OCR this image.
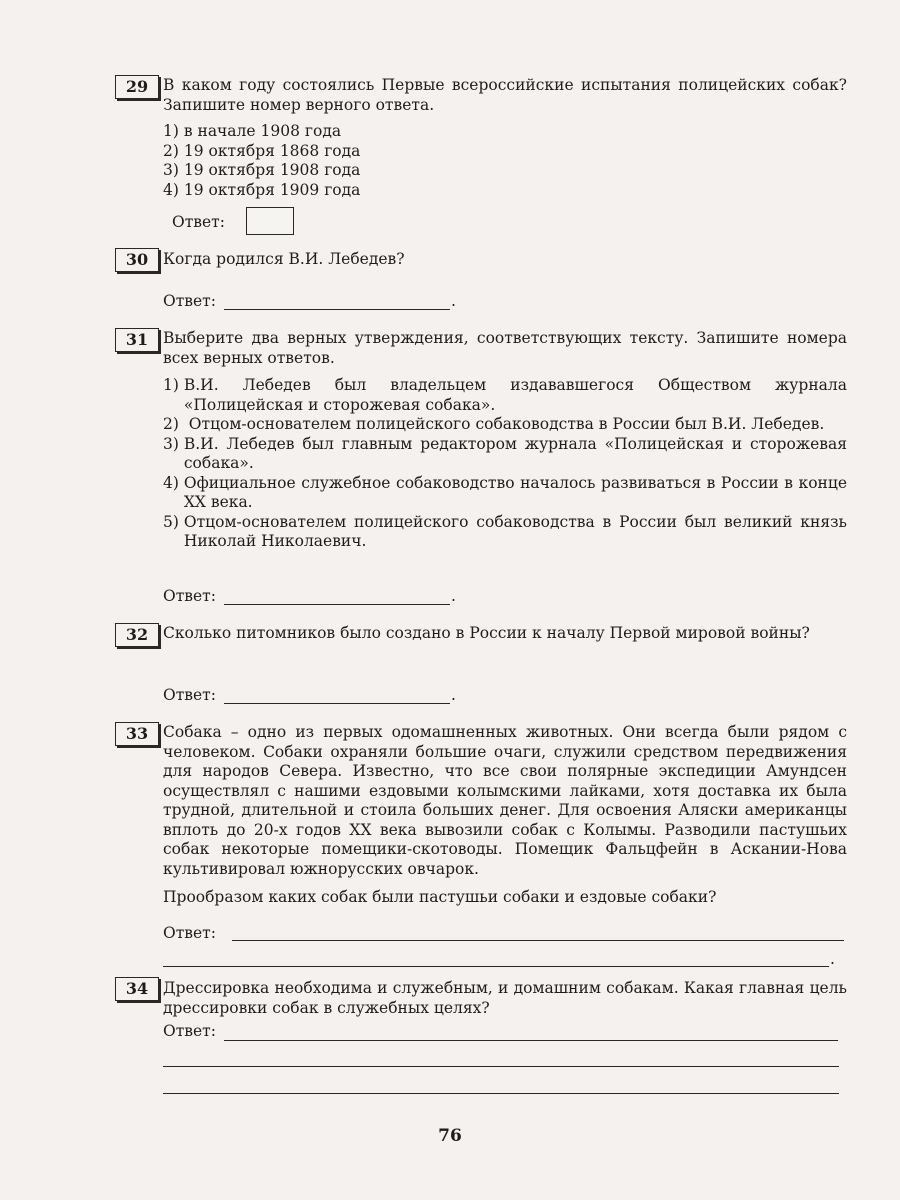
29 В каком году состоялись Первые всероссийские испытания полицейских собак? Запишите номер верного ответа.
1) в начале 1908 года
2) 19 октября 1868 года
3) 19 октября 1908 года
4) 19 октября 1909 года
Ответ:
30 Когда родился В.И. Лебедев?
Ответ:	.
31 Выберите два верных утверждения, соответствующих тексту. Запишите номера всех верных ответов.
1)
В.И. Лебедев был владельцем издававшегося Обществом журнала «Полицейская и сторожевая собака».
2)
Отцом-основателем полицейского собаководства в России был В.И. Лебедев.
3)
В.И. Лебедев был главным редактором журнала «Полицейская и сторожевая собака».
4)
Официальное служебное собаководство началось развиваться в России в конце XX века.
5)
Отцом-основателем полицейского собаководства в России был великий князь Николай Николаевич.
Ответ:	.
32 Сколько питомников было создано в России к началу Первой мировой войны?
Ответ:	.
33 Собака – одно из первых одомашненных животных. Они всегда были рядом с человеком. Собаки охраняли большие очаги, служили средством передвижения для народов Севера. Известно, что все свои полярные экспедиции Амундсен осуществлял с нашими ездовыми колымскими лайками, хотя доставка их была трудной, длительной и стоила больших денег. Для освоения Аляски американцы вплоть до 20-х годов XX века вывозили собак с Колымы. Разводили пастушьих собак некоторые помещики-скотоводы. Помещик Фальцфейн в Аскании-Нова культивировал южнорусских овчарок.
Прообразом каких собак были пастушьи собаки и ездовые собаки?
Ответ:
.
34 Дрессировка необходима и служебным, и домашним собакам. Какая главная цель дрессировки собак в служебных целях?
Ответ:
76
